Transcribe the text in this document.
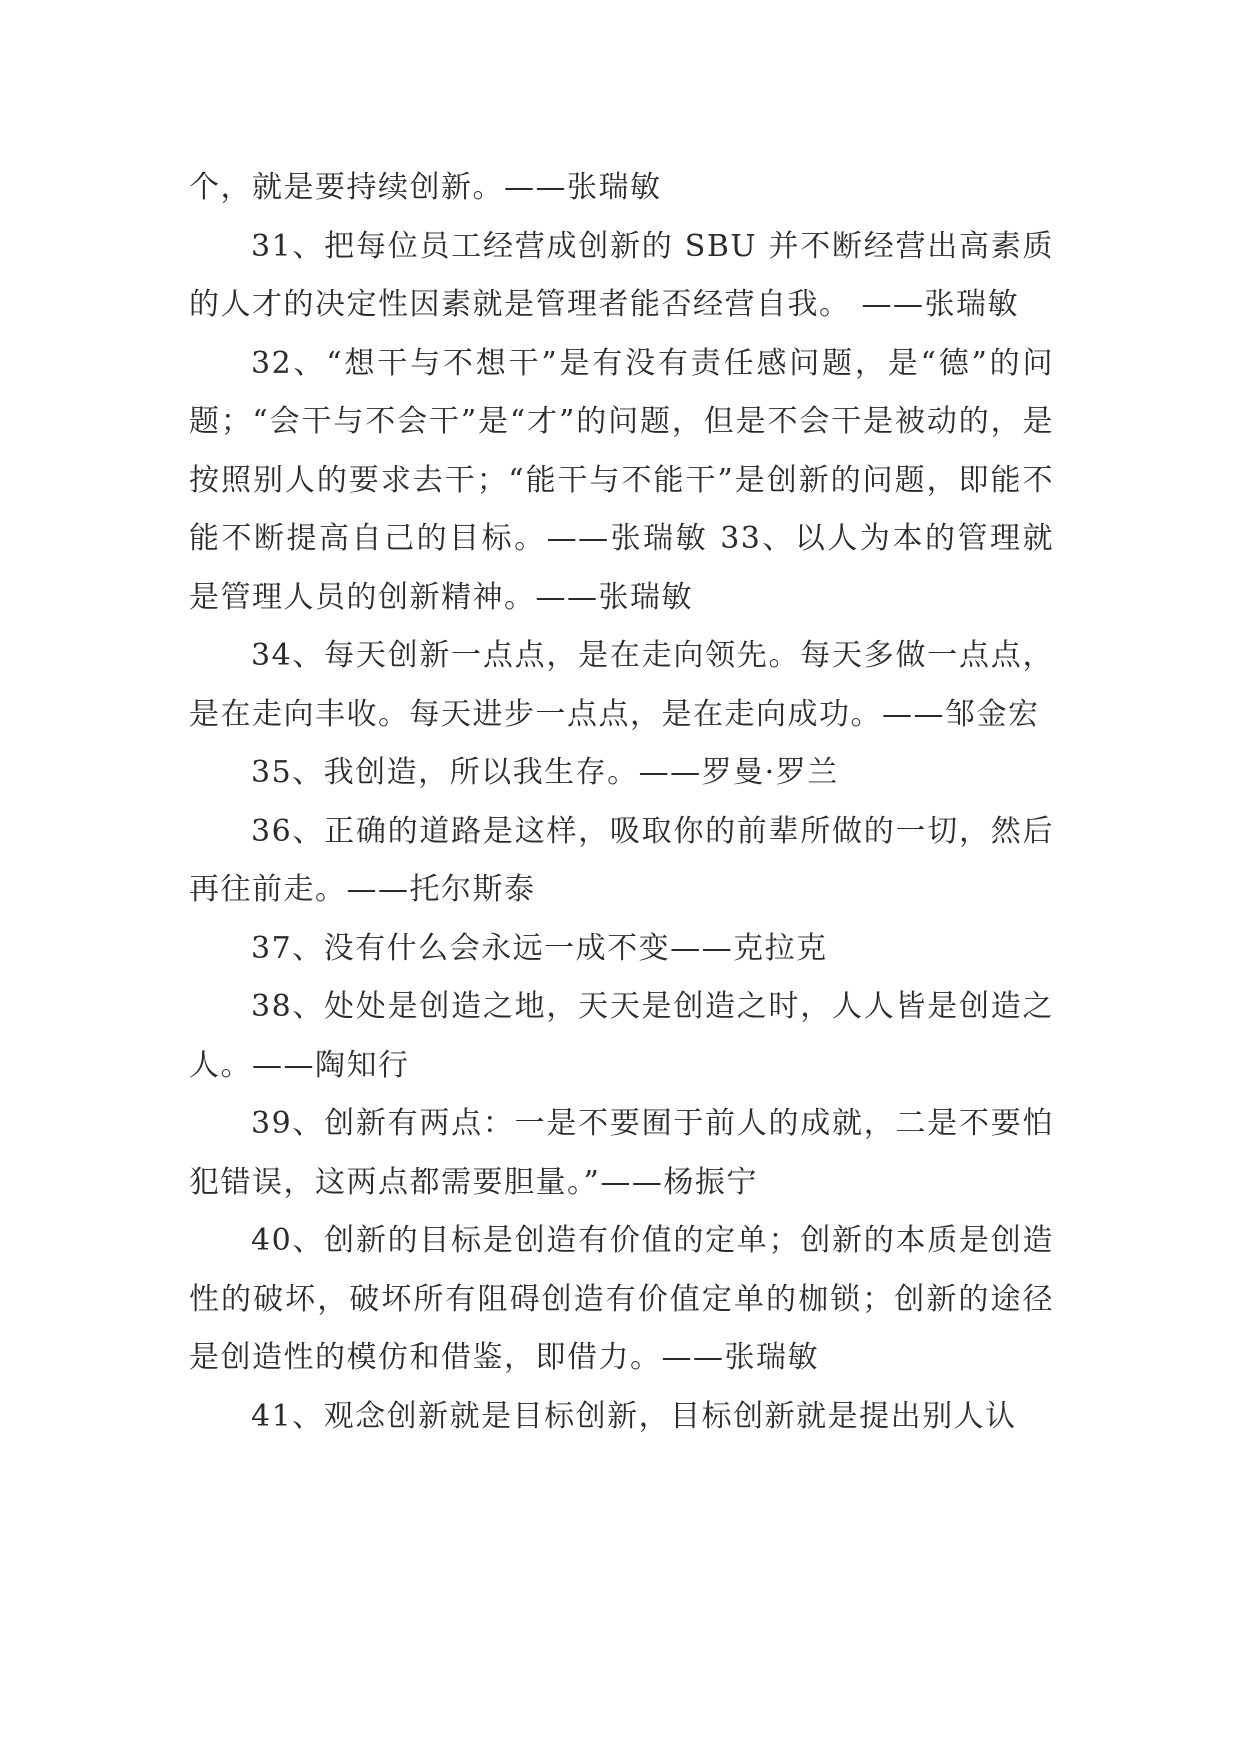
个，就是要持续创新。——张瑞敏

31、把每位员工经营成创新的 SBU 并不断经营出高素质的人才的决定性因素就是管理者能否经营自我。 ——张瑞敏

32、“想干与不想干”是有没有责任感问题，是“德”的问题；“会干与不会干”是“才”的问题，但是不会干是被动的，是按照别人的要求去干；“能干与不能干”是创新的问题，即能不能不断提高自己的目标。——张瑞敏 33、以人为本的管理就是管理人员的创新精神。——张瑞敏

34、每天创新一点点，是在走向领先。每天多做一点点，是在走向丰收。每天进步一点点，是在走向成功。——邹金宏

35、我创造，所以我生存。——罗曼·罗兰

36、正确的道路是这样，吸取你的前辈所做的一切，然后再往前走。——托尔斯泰

37、没有什么会永远一成不变——克拉克

38、处处是创造之地，天天是创造之时，人人皆是创造之人。——陶知行

39、创新有两点：一是不要囿于前人的成就，二是不要怕犯错误，这两点都需要胆量。”——杨振宁

40、创新的目标是创造有价值的定单；创新的本质是创造性的破坏，破坏所有阻碍创造有价值定单的枷锁；创新的途径是创造性的模仿和借鉴，即借力。——张瑞敏

41、观念创新就是目标创新，目标创新就是提出别人认
